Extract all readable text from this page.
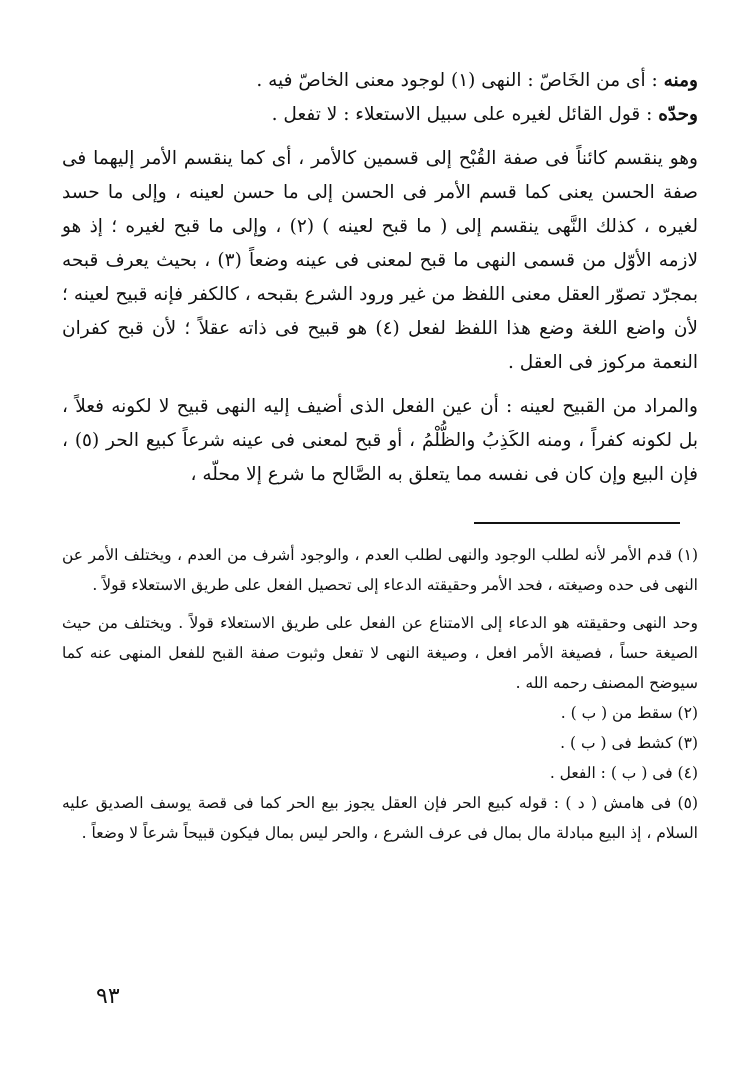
ومنه : أى من الخَاصّ : النهى (١) لوجود معنى الخاصّ فيه .

وحدّه : قول القائل لغيره على سبيل الاستعلاء : لا تفعل .

وهو ينقسم كائناً فى صفة القُبْح إلى قسمين كالأمر ، أى كما ينقسم الأمر إليهما فى صفة الحسن يعنى كما قسم الأمر فى الحسن إلى ما حسن لعينه ، وإلى ما حسد لغيره ، كذلك النَّهى ينقسم إلى ( ما قبح لعينه ) (٢) ، وإلى ما قبح لغيره ؛ إذ هو لازمه الأوّل من قسمى النهى ما قبح لمعنى فى عينه وضعاً (٣) ، بحيث يعرف قبحه بمجرّد تصوّر العقل معنى اللفظ من غير ورود الشرع بقبحه ، كالكفر فإنه قبيح لعينه ؛ لأن واضع اللغة وضع هذا اللفظ لفعل (٤) هو قبيح فى ذاته عقلاً ؛ لأن قبح كفران النعمة مركوز فى العقل .

والمراد من القبيح لعينه : أن عين الفعل الذى أضيف إليه النهى قبيح لا لكونه فعلاً ، بل لكونه كفراً ، ومنه الكَذِبُ والظُّلْمُ ، أو قبح لمعنى فى عينه شرعاً كبيع الحر (٥) ، فإن البيع وإن كان فى نفسه مما يتعلق به الصَّالح ما شرع إلا محلّه ،

(١) قدم الأمر لأنه لطلب الوجود والنهى لطلب العدم ، والوجود أشرف من العدم ، ويختلف الأمر عن النهى فى حده وصيغته ، فحد الأمر وحقيقته الدعاء إلى تحصيل الفعل على طريق الاستعلاء قولاً .

وحد النهى وحقيقته هو الدعاء إلى الامتناع عن الفعل على طريق الاستعلاء قولاً . ويختلف من حيث الصيغة حساً ، فصيغة الأمر افعل ، وصيغة النهى لا تفعل وثبوت صفة القبح للفعل المنهى عنه كما سيوضح المصنف رحمه الله .

(٢) سقط من ( ب ) .

(٣) كشط فى ( ب ) .

(٤) فى ( ب ) : الفعل .

(٥) فى هامش ( د ) : قوله كبيع الحر فإن العقل يجوز بيع الحر كما فى قصة يوسف الصديق عليه السلام ، إذ البيع مبادلة مال بمال فى عرف الشرع ، والحر ليس بمال فيكون قبيحاً شرعاً لا وضعاً .

٩٣
